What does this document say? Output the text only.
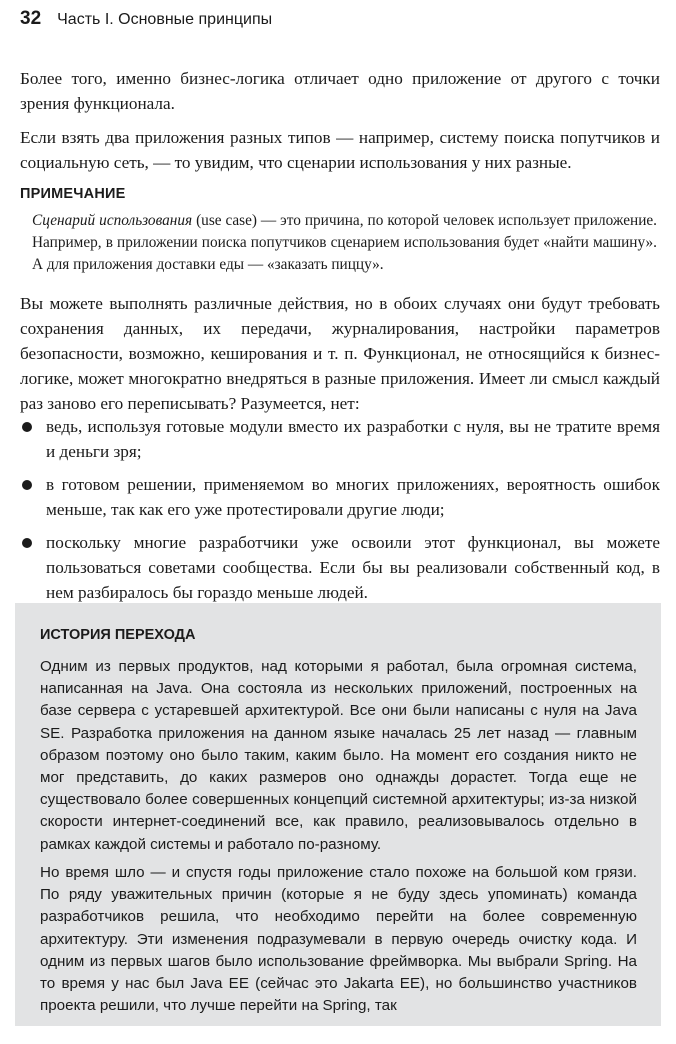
32 Часть I. Основные принципы

Более того, именно бизнес-логика отличает одно приложение от другого с точки зрения функционала.

Если взять два приложения разных типов — например, систему поиска попутчиков и социальную сеть, — то увидим, что сценарии использования у них разные.

ПРИМЕЧАНИЕ

Сценарий использования (use case) — это причина, по которой человек использует приложение. Например, в приложении поиска попутчиков сценарием использования будет «найти машину». А для приложения доставки еды — «заказать пиццу».

Вы можете выполнять различные действия, но в обоих случаях они будут требовать сохранения данных, их передачи, журналирования, настройки параметров безопасности, возможно, кеширования и т. п. Функционал, не относящийся к бизнес-логике, может многократно внедряться в разные приложения. Имеет ли смысл каждый раз заново его переписывать? Разумеется, нет:

ведь, используя готовые модули вместо их разработки с нуля, вы не тратите время и деньги зря;
в готовом решении, применяемом во многих приложениях, вероятность ошибок меньше, так как его уже протестировали другие люди;
поскольку многие разработчики уже освоили этот функционал, вы можете пользоваться советами сообщества. Если бы вы реализовали собственный код, в нем разбиралось бы гораздо меньше людей.
ИСТОРИЯ ПЕРЕХОДА

Одним из первых продуктов, над которыми я работал, была огромная система, написанная на Java. Она состояла из нескольких приложений, построенных на базе сервера с устаревшей архитектурой. Все они были написаны с нуля на Java SE. Разработка приложения на данном языке началась 25 лет назад — главным образом поэтому оно было таким, каким было. На момент его создания никто не мог представить, до каких размеров оно однажды дорастет. Тогда еще не существовало более совершенных концепций системной архитектуры; из-за низкой скорости интернет-соединений все, как правило, реализовывалось отдельно в рамках каждой системы и работало по-разному.

Но время шло — и спустя годы приложение стало похоже на большой ком грязи. По ряду уважительных причин (которые я не буду здесь упоминать) команда разработчиков решила, что необходимо перейти на более современную архитектуру. Эти изменения подразумевали в первую очередь очистку кода. И одним из первых шагов было использование фреймворка. Мы выбрали Spring. На то время у нас был Java EE (сейчас это Jakarta EE), но большинство участников проекта решили, что лучше перейти на Spring, так
